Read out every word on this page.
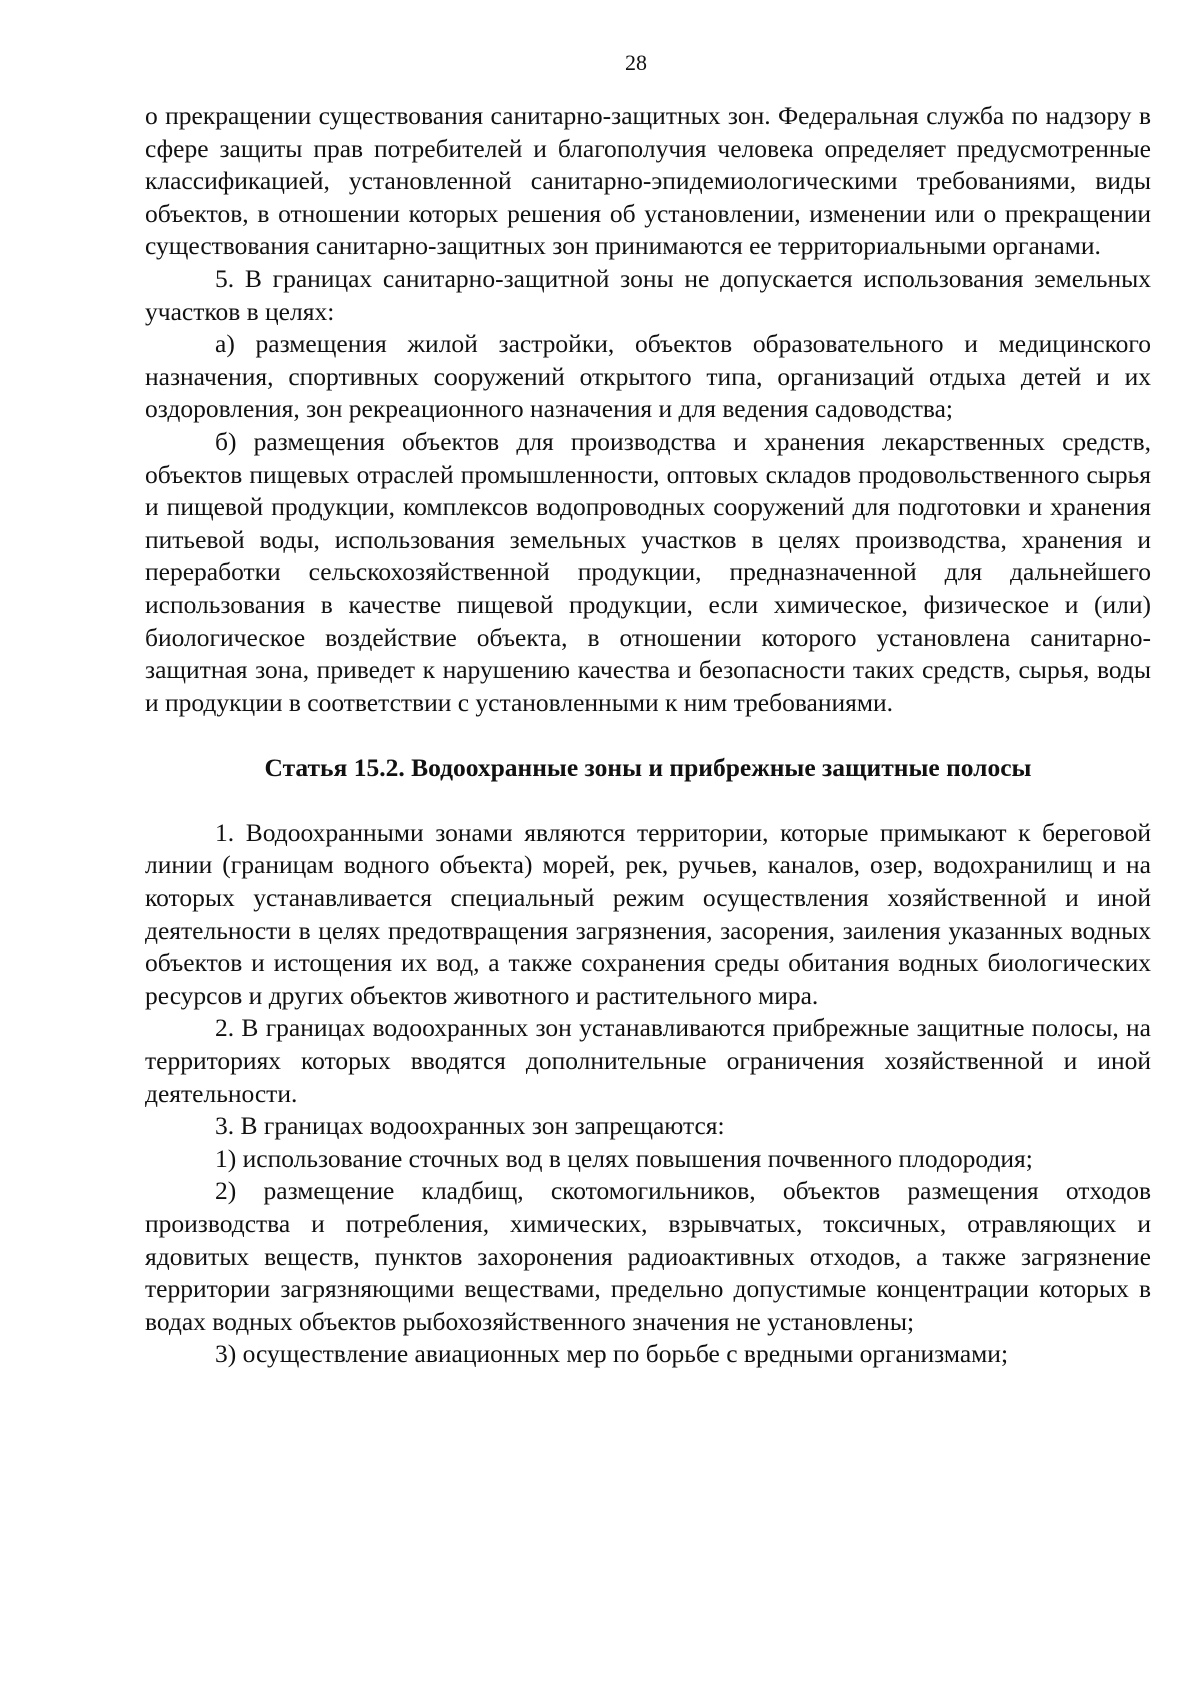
28

о прекращении существования санитарно-защитных зон. Федеральная служба по надзору в сфере защиты прав потребителей и благополучия человека определяет предусмотренные классификацией, установленной санитарно-эпидемиологическими требованиями, виды объектов, в отношении которых решения об установлении, изменении или о прекращении существования санитарно-защитных зон принимаются ее территориальными органами.

5. В границах санитарно-защитной зоны не допускается использования земельных участков в целях:

а) размещения жилой застройки, объектов образовательного и медицинского назначения, спортивных сооружений открытого типа, организаций отдыха детей и их оздоровления, зон рекреационного назначения и для ведения садоводства;

б) размещения объектов для производства и хранения лекарственных средств, объектов пищевых отраслей промышленности, оптовых складов продовольственного сырья и пищевой продукции, комплексов водопроводных сооружений для подготовки и хранения питьевой воды, использования земельных участков в целях производства, хранения и переработки сельскохозяйственной продукции, предназначенной для дальнейшего использования в качестве пищевой продукции, если химическое, физическое и (или) биологическое воздействие объекта, в отношении которого установлена санитарно-защитная зона, приведет к нарушению качества и безопасности таких средств, сырья, воды и продукции в соответствии с установленными к ним требованиями.

Статья 15.2. Водоохранные зоны и прибрежные защитные полосы

1. Водоохранными зонами являются территории, которые примыкают к береговой линии (границам водного объекта) морей, рек, ручьев, каналов, озер, водохранилищ и на которых устанавливается специальный режим осуществления хозяйственной и иной деятельности в целях предотвращения загрязнения, засорения, заиления указанных водных объектов и истощения их вод, а также сохранения среды обитания водных биологических ресурсов и других объектов животного и растительного мира.

2. В границах водоохранных зон устанавливаются прибрежные защитные полосы, на территориях которых вводятся дополнительные ограничения хозяйственной и иной деятельности.

3. В границах водоохранных зон запрещаются:

1) использование сточных вод в целях повышения почвенного плодородия;

2) размещение кладбищ, скотомогильников, объектов размещения отходов производства и потребления, химических, взрывчатых, токсичных, отравляющих и ядовитых веществ, пунктов захоронения радиоактивных отходов, а также загрязнение территории загрязняющими веществами, предельно допустимые концентрации которых в водах водных объектов рыбохозяйственного значения не установлены;

3) осуществление авиационных мер по борьбе с вредными организмами;
